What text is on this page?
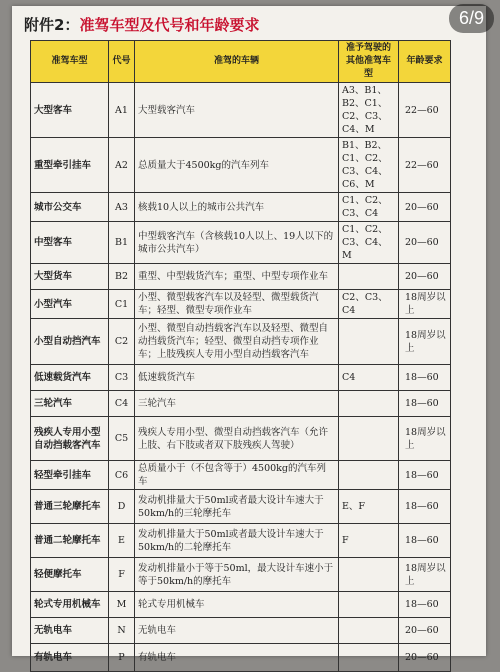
附件2：准驾车型及代号和年龄要求
准驾车型	代号	准驾的车辆	准予驾驶的其他准驾车型	年龄要求
大型客车	A1	大型载客汽车	A3、B1、B2、C1、C2、C3、C4、M	22—60
重型牵引挂车	A2	总质量大于4500kg的汽车列车	B1、B2、C1、C2、C3、C4、C6、M	22—60
城市公交车	A3	核载10人以上的城市公共汽车	C1、C2、C3、C4	20—60
中型客车	B1	中型载客汽车（含核载10人以上、19人以下的城市公共汽车）	C1、C2、C3、C4、M	20—60
大型货车	B2	重型、中型载货汽车；重型、中型专项作业车		20—60
小型汽车	C1	小型、微型载客汽车以及轻型、微型载货汽车；轻型、微型专项作业车	C2、C3、C4	18周岁以上
小型自动挡汽车	C2	小型、微型自动挡载客汽车以及轻型、微型自动挡载货汽车；轻型、微型自动挡专项作业车；上肢残疾人专用小型自动挡载客汽车		18周岁以上
低速载货汽车	C3	低速载货汽车	C4	18—60
三轮汽车	C4	三轮汽车		18—60
残疾人专用小型自动挡载客汽车	C5	残疾人专用小型、微型自动挡载客汽车（允许上肢、右下肢或者双下肢残疾人驾驶）		18周岁以上
轻型牵引挂车	C6	总质量小于（不包含等于）4500kg的汽车列车		18—60
普通三轮摩托车	D	发动机排量大于50ml或者最大设计车速大于50km/h的三轮摩托车	E、F	18—60
普通二轮摩托车	E	发动机排量大于50ml或者最大设计车速大于50km/h的二轮摩托车	F	18—60
轻便摩托车	F	发动机排量小于等于50ml，最大设计车速小于等于50km/h的摩托车		18周岁以上
轮式专用机械车	M	轮式专用机械车		18—60
无轨电车	N	无轨电车		20—60
有轨电车	P	有轨电车		20—60
6/9
